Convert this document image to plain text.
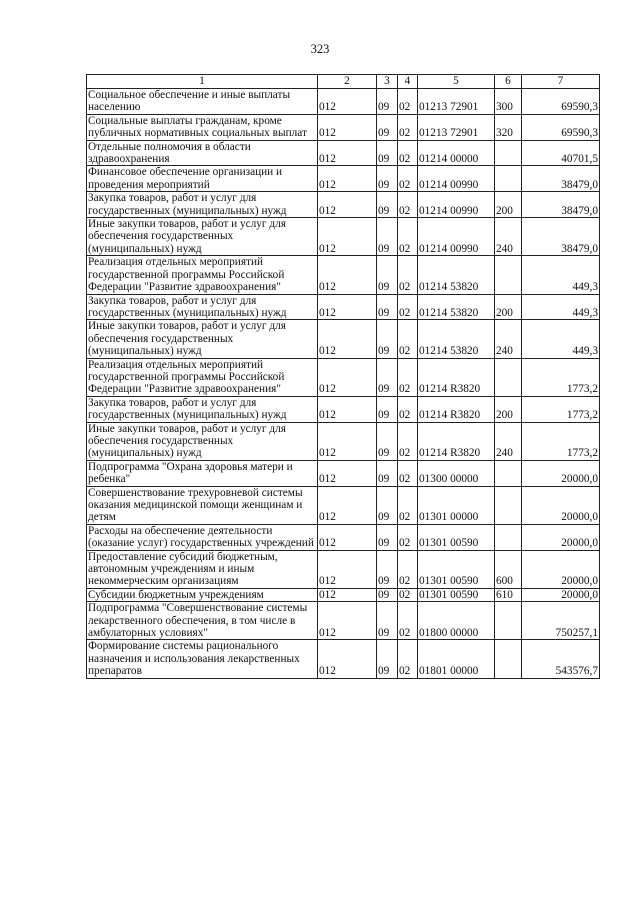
323
1	2	3	4	5	6	7
Социальное обеспечение и иные выплаты населению	012	09	02	01213 72901	300	69590,3
Социальные выплаты гражданам, кроме публичных нормативных социальных выплат	012	09	02	01213 72901	320	69590,3
Отдельные полномочия в области здравоохранения	012	09	02	01214 00000		40701,5
Финансовое обеспечение организации и проведения мероприятий	012	09	02	01214 00990		38479,0
Закупка товаров, работ и услуг для государственных (муниципальных) нужд	012	09	02	01214 00990	200	38479,0
Иные закупки товаров, работ и услуг для обеспечения государственных (муниципальных) нужд	012	09	02	01214 00990	240	38479,0
Реализация отдельных мероприятий государственной программы Российской Федерации "Развитие здравоохранения"	012	09	02	01214 53820		449,3
Закупка товаров, работ и услуг для государственных (муниципальных) нужд	012	09	02	01214 53820	200	449,3
Иные закупки товаров, работ и услуг для обеспечения государственных (муниципальных) нужд	012	09	02	01214 53820	240	449,3
Реализация отдельных мероприятий государственной программы Российской Федерации "Развитие здравоохранения"	012	09	02	01214 R3820		1773,2
Закупка товаров, работ и услуг для государственных (муниципальных) нужд	012	09	02	01214 R3820	200	1773,2
Иные закупки товаров, работ и услуг для обеспечения государственных (муниципальных) нужд	012	09	02	01214 R3820	240	1773,2
Подпрограмма "Охрана здоровья матери и ребенка"	012	09	02	01300 00000		20000,0
Совершенствование трехуровневой системы оказания медицинской помощи женщинам и детям	012	09	02	01301 00000		20000,0
Расходы на обеспечение деятельности (оказание услуг) государственных учреждений	012	09	02	01301 00590		20000,0
Предоставление субсидий бюджетным, автономным учреждениям и иным некоммерческим организациям	012	09	02	01301 00590	600	20000,0
Субсидии бюджетным учреждениям	012	09	02	01301 00590	610	20000,0
Подпрограмма "Совершенствование системы лекарственного обеспечения, в том числе в амбулаторных условиях"	012	09	02	01800 00000		750257,1
Формирование системы рационального назначения и использования лекарственных препаратов	012	09	02	01801 00000		543576,7
